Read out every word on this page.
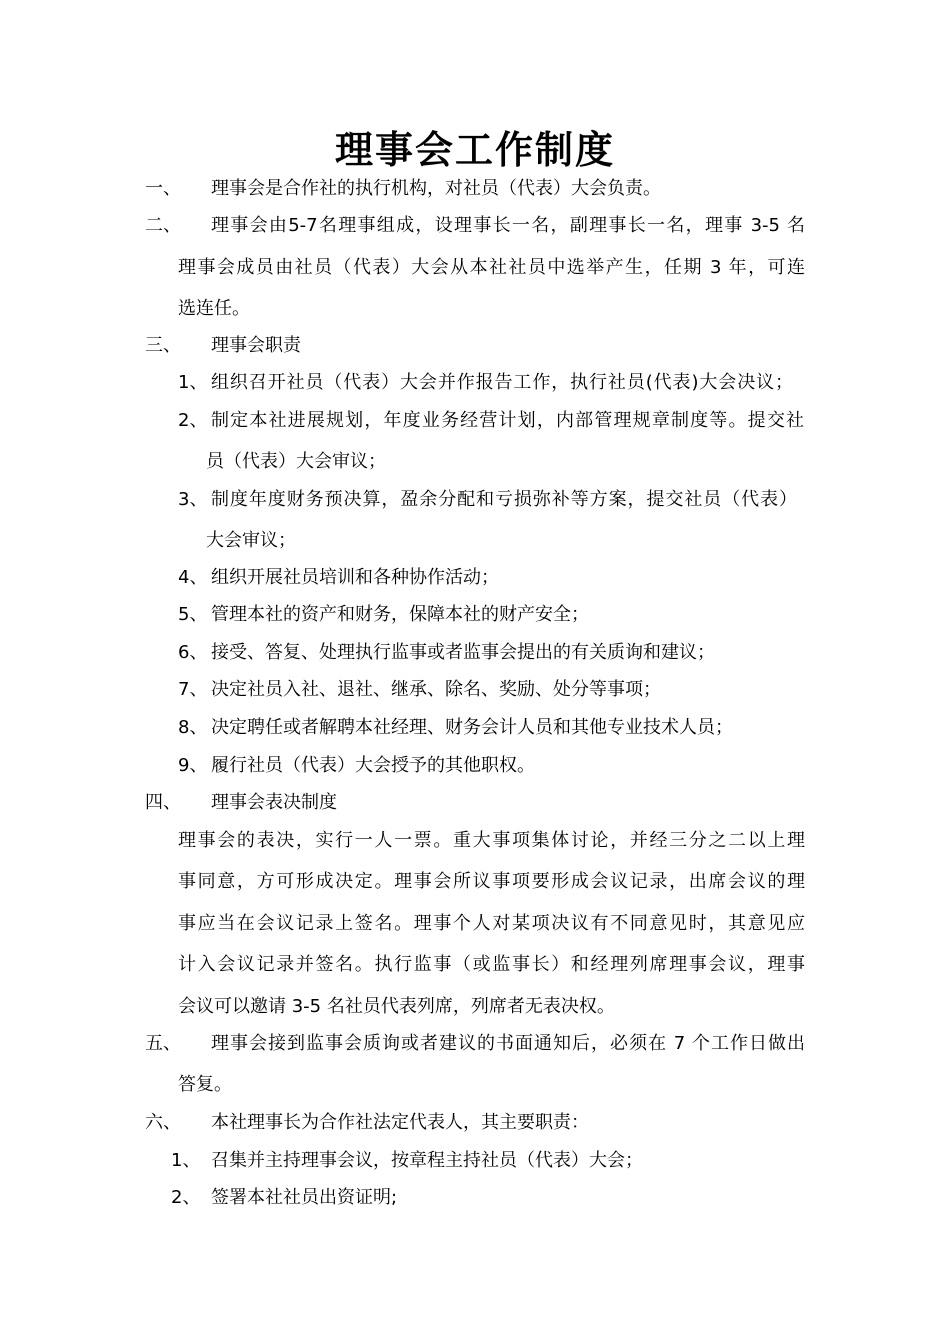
理事会工作制度
一、 理事会是合作社的执行机构，对社员（代表）大会负责。
二、 理事会由5-7名理事组成，设理事长一名，副理事长一名，理事 3-5 名
理事会成员由社员（代表）大会从本社社员中选举产生，任期 3 年，可连
选连任。
三、 理事会职责
1、 组织召开社员（代表）大会并作报告工作，执行社员(代表)大会决议；
2、 制定本社进展规划，年度业务经营计划，内部管理规章制度等。提交社
员（代表）大会审议；
3、 制度年度财务预决算，盈余分配和亏损弥补等方案，提交社员（代表）
大会审议；
4、 组织开展社员培训和各种协作活动；
5、 管理本社的资产和财务，保障本社的财产安全；
6、 接受、答复、处理执行监事或者监事会提出的有关质询和建议；
7、 决定社员入社、退社、继承、除名、奖励、处分等事项；
8、 决定聘任或者解聘本社经理、财务会计人员和其他专业技术人员；
9、 履行社员（代表）大会授予的其他职权。
四、 理事会表决制度
理事会的表决，实行一人一票。重大事项集体讨论，并经三分之二以上理
事同意，方可形成决定。理事会所议事项要形成会议记录，出席会议的理
事应当在会议记录上签名。理事个人对某项决议有不同意见时，其意见应
计入会议记录并签名。执行监事（或监事长）和经理列席理事会议，理事
会议可以邀请 3-5 名社员代表列席，列席者无表决权。
五、 理事会接到监事会质询或者建议的书面通知后，必须在 7 个工作日做出
答复。
六、 本社理事长为合作社法定代表人，其主要职责：
1、 召集并主持理事会议，按章程主持社员（代表）大会；
2、 签署本社社员出资证明;
